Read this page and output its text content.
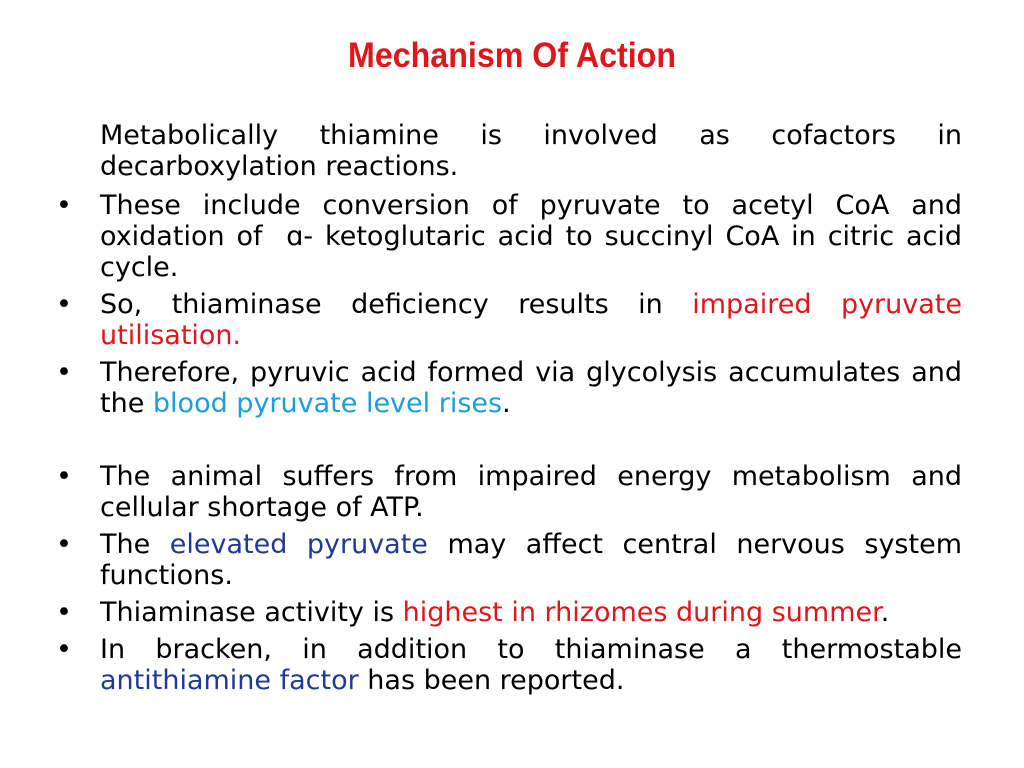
Mechanism Of Action

Metabolically thiamine is involved as cofactors in decarboxylation reactions.

• These include conversion of pyruvate to acetyl CoA and oxidation of  ɑ- ketoglutaric acid to succinyl CoA in citric acid cycle.

• So, thiaminase deficiency results in impaired pyruvate utilisation.

• Therefore, pyruvic acid formed via glycolysis accumulates and the blood pyruvate level rises.

• The animal suffers from impaired energy metabolism and cellular shortage of ATP.

• The elevated pyruvate may affect central nervous system functions.

• Thiaminase activity is highest in rhizomes during summer.

• In bracken, in addition to thiaminase a thermostable antithiamine factor has been reported.
